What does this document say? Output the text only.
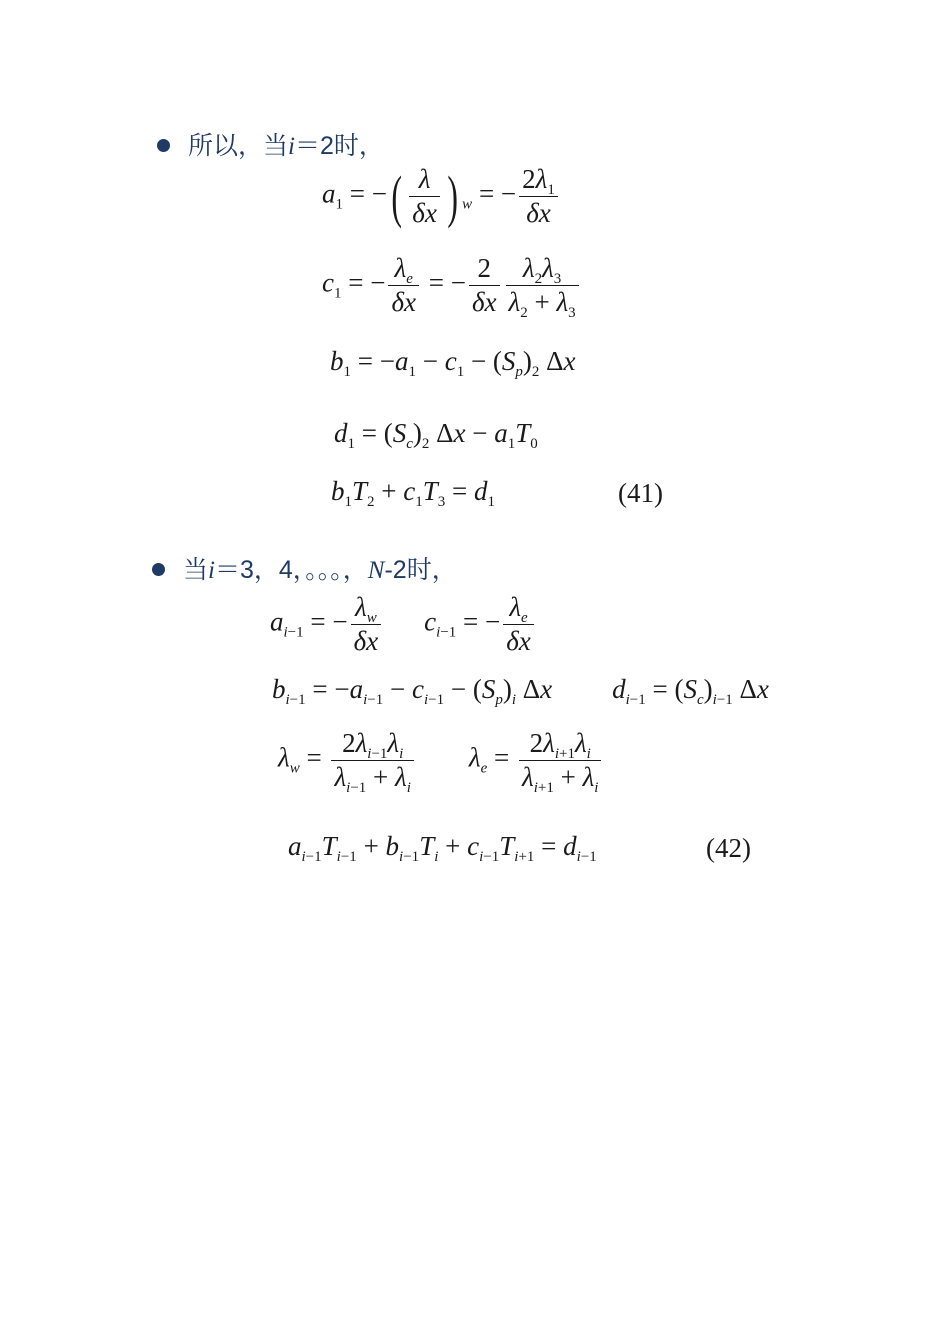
所以，当i＝2时，
$a_1$ = −( $\frac{\lambda}{\delta x}$ ) $_w$ = − $\frac{2\lambda_1}{\delta x}$
$c_1$ = − $\frac{\lambda_e}{\delta x}$ = − $\frac{2}{\delta x} \frac{\lambda_2\lambda_3}{\lambda_2 + \lambda_3}$
$b_1 = -a_1 - c_1 - (S_p)_2$ Δx
$d_1 = (S_c)_2$ $\Delta x - a_1T_0$
$b_1T_2 + c_1T_3 = d_1$	(41)
当i＝3，4，。。。，N-2时，
$a_{i-1}$ = − $\frac{\lambda_w}{\delta x} c_{i-1}$ = − $\frac{\lambda_e}{\delta x}$
$b_{i-1} = -a_{i-1} - c_{i-1} - (S_p)_i$ Δx $d_{i-1} = (S_c)_{i-1}$ Δx
$\lambda_w = \frac{2\lambda_{i-1}\lambda_i}{\lambda_{i-1} + \lambda_i} \lambda_e = \frac{2\lambda_{i+1}\lambda_i}{\lambda_{i+1} + \lambda_i}$
$a_{i-1}T_{i-1} + b_{i-1}T_i + c_{i-1}T_{i+1} = d_{i-1}$	(42)
